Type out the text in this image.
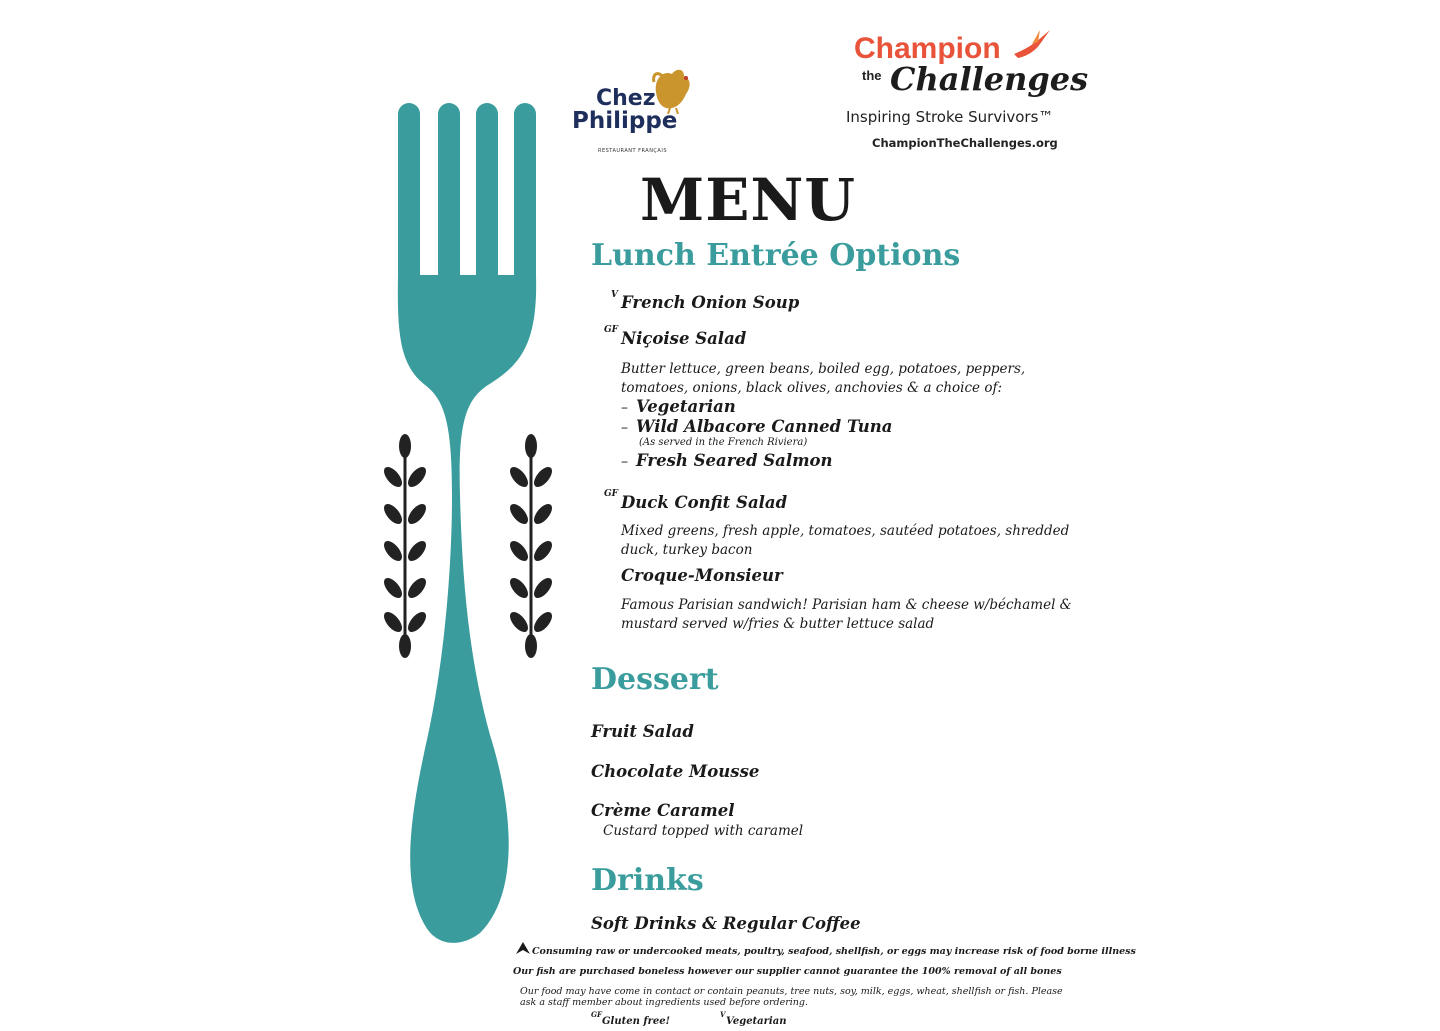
Chez
Philippe
RESTAURANT FRANÇAIS
Champion
the Challenges
Inspiring Stroke Survivors™
ChampionTheChallenges.org
MENU
Lunch Entrée Options
V French Onion Soup
GF Niçoise Salad
Butter lettuce, green beans, boiled egg, potatoes, peppers, tomatoes, onions, black olives, anchovies & a choice of:
– Vegetarian
– Wild Albacore Canned Tuna
(As served in the French Riviera)
– Fresh Seared Salmon
GF Duck Confit Salad
Mixed greens, fresh apple, tomatoes, sautéed potatoes, shredded duck, turkey bacon
Croque-Monsieur
Famous Parisian sandwich! Parisian ham & cheese w/béchamel & mustard served w/fries & butter lettuce salad
Dessert
Fruit Salad
Chocolate Mousse
Crème Caramel
Custard topped with caramel
Drinks
Soft Drinks & Regular Coffee
Consuming raw or undercooked meats, poultry, seafood, shellfish, or eggs may increase risk of food borne illness
Our fish are purchased boneless however our supplier cannot guarantee the 100% removal of all bones
Our food may have come in contact or contain peanuts, tree nuts, soy, milk, eggs, wheat, shellfish or fish. Please ask a staff member about ingredients used before ordering.
GF
Gluten free!
V
Vegetarian
